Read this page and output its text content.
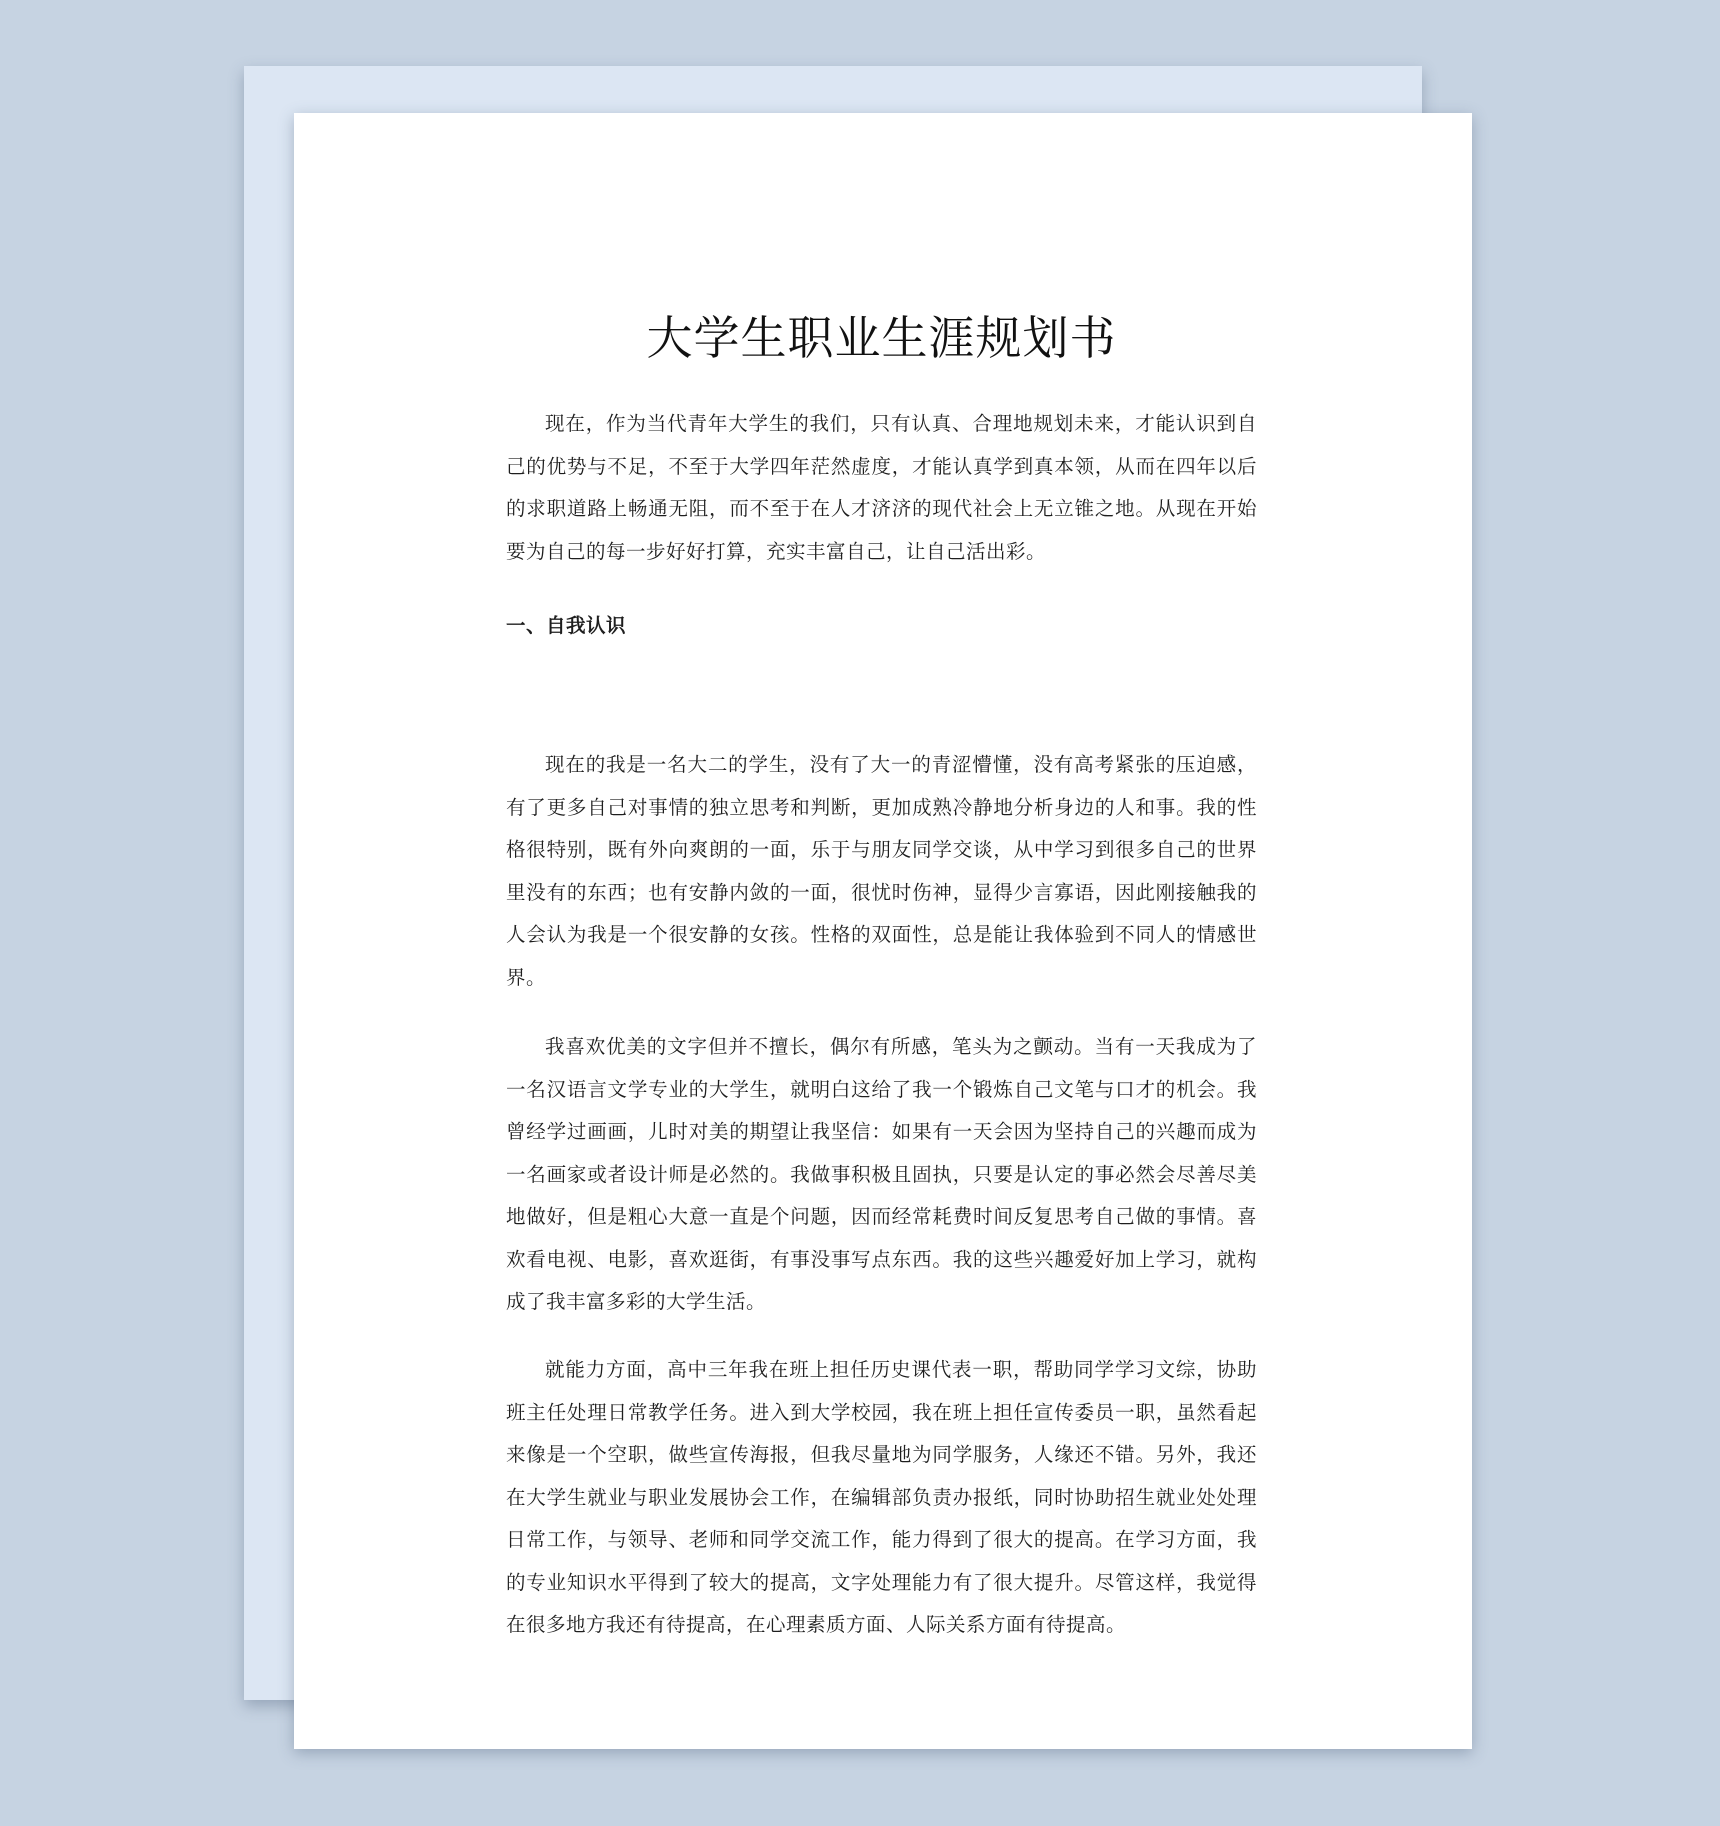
大学生职业生涯规划书

现在，作为当代青年大学生的我们，只有认真、合理地规划未来，才能认识到自己的优势与不足，不至于大学四年茫然虚度，才能认真学到真本领，从而在四年以后的求职道路上畅通无阻，而不至于在人才济济的现代社会上无立锥之地。从现在开始要为自己的每一步好好打算，充实丰富自己，让自己活出彩。

一、自我认识

现在的我是一名大二的学生，没有了大一的青涩懵懂，没有高考紧张的压迫感，有了更多自己对事情的独立思考和判断，更加成熟冷静地分析身边的人和事。我的性格很特别，既有外向爽朗的一面，乐于与朋友同学交谈，从中学习到很多自己的世界里没有的东西；也有安静内敛的一面，很忧时伤神，显得少言寡语，因此刚接触我的人会认为我是一个很安静的女孩。性格的双面性，总是能让我体验到不同人的情感世界。

我喜欢优美的文字但并不擅长，偶尔有所感，笔头为之颤动。当有一天我成为了一名汉语言文学专业的大学生，就明白这给了我一个锻炼自己文笔与口才的机会。我曾经学过画画，儿时对美的期望让我坚信：如果有一天会因为坚持自己的兴趣而成为一名画家或者设计师是必然的。我做事积极且固执，只要是认定的事必然会尽善尽美地做好，但是粗心大意一直是个问题，因而经常耗费时间反复思考自己做的事情。喜欢看电视、电影，喜欢逛街，有事没事写点东西。我的这些兴趣爱好加上学习，就构成了我丰富多彩的大学生活。

就能力方面，高中三年我在班上担任历史课代表一职，帮助同学学习文综，协助班主任处理日常教学任务。进入到大学校园，我在班上担任宣传委员一职，虽然看起来像是一个空职，做些宣传海报，但我尽量地为同学服务，人缘还不错。另外，我还在大学生就业与职业发展协会工作，在编辑部负责办报纸，同时协助招生就业处处理日常工作，与领导、老师和同学交流工作，能力得到了很大的提高。在学习方面，我的专业知识水平得到了较大的提高，文字处理能力有了很大提升。尽管这样，我觉得在很多地方我还有待提高，在心理素质方面、人际关系方面有待提高。
